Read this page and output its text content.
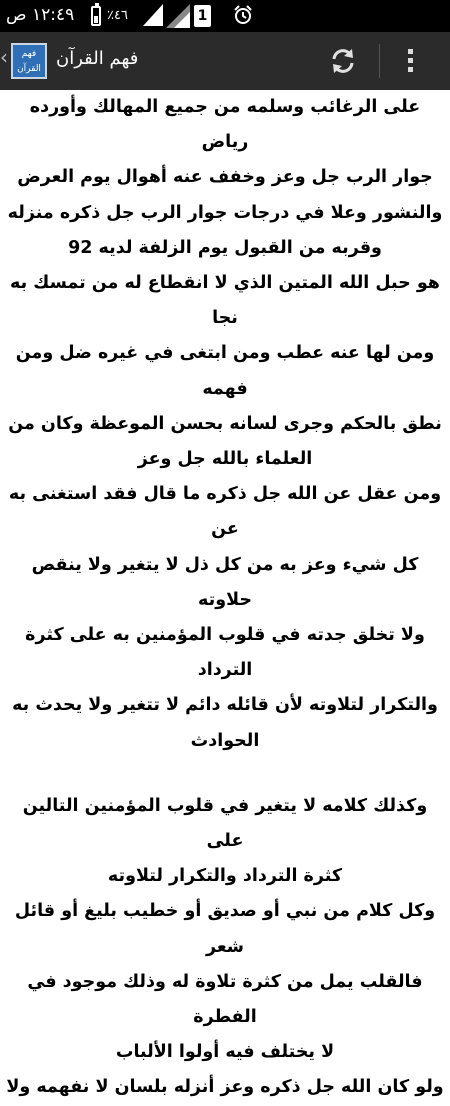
١٢:٤٩ ص	٪٤٦	1
‹	فهم القرآن فهم القرآن

على الرغائب وسلمه من جميع المهالك وأورده رياض

جوار الرب جل وعز وخفف عنه أهوال يوم العرض

والنشور وعلا في درجات جوار الرب جل ذكره منزله

وقربه من القبول يوم الزلفة لديه 92

هو حبل الله المتين الذي لا انقطاع له من تمسك به نجا

ومن لها عنه عطب ومن ابتغى في غيره ضل ومن فهمه

نطق بالحكم وجرى لسانه بحسن الموعظة وكان من

العلماء بالله جل وعز

ومن عقل عن الله جل ذكره ما قال فقد استغنى به عن

كل شيء وعز به من كل ذل لا يتغير ولا ينقص حلاوته

ولا تخلق جدته في قلوب المؤمنين به على كثرة الترداد

والتكرار لتلاوته لأن قائله دائم لا تتغير ولا يحدث به

الحوادث

وكذلك كلامه لا يتغير في قلوب المؤمنين التالين على

كثرة الترداد والتكرار لتلاوته

وكل كلام من نبي أو صديق أو خطيب بليغ أو قائل شعر

فالقلب يمل من كثرة تلاوة له وذلك موجود في الفطرة

لا يختلف فيه أولوا الألباب

ولو كان الله جل ذكره وعز أنزله بلسان لا نفهمه ولا
